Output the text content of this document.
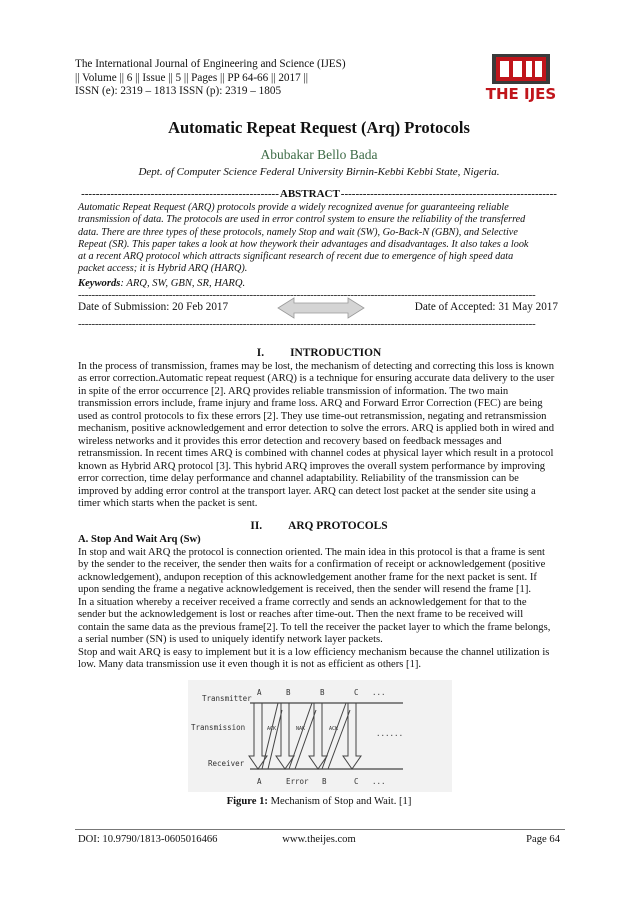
The International Journal of Engineering and Science (IJES)
|| Volume || 6 || Issue || 5 || Pages || PP 64-66 || 2017 ||
ISSN (e): 2319 – 1813 ISSN (p): 2319 – 1805	THE IJES
Automatic Repeat Request (Arq) Protocols
Abubakar Bello Bada
Dept. of Computer Science Federal University Birnin-Kebbi Kebbi State, Nigeria.
------------------------------------------------------ABSTRACT-----------------------------------------------------------
Automatic Repeat Request (ARQ) protocols provide a widely recognized avenue for guaranteeing reliable
transmission of data. The protocols are used in error control system to ensure the reliability of the transferred
data. There are three types of these protocols, namely Stop and wait (SW), Go-Back-N (GBN), and Selective
Repeat (SR). This paper takes a look at how theywork their advantages and disadvantages. It also takes a look
at a recent ARQ protocol which attracts significant research of recent due to emergence of high speed data
packet access; it is Hybrid ARQ (HARQ).
Keywords: ARQ, SW, GBN, SR, HARQ.
----------------------------------------------------------------------------------------------------------------------------------------
Date of Submission: 20 Feb 2017	Date of Accepted: 31 May 2017
----------------------------------------------------------------------------------------------------------------------------------------
I. INTRODUCTION
In the process of transmission, frames may be lost, the mechanism of detecting and correcting this loss is known
as error correction.Automatic repeat request (ARQ) is a technique for ensuring accurate data delivery to the user
in spite of the error occurrence [2]. ARQ provides reliable transmission of information. The two main
transmission errors include, frame injury and frame loss. ARQ and Forward Error Correction (FEC) are being
used as control protocols to fix these errors [2]. They use time-out retransmission, negating and retransmission
mechanism, positive acknowledgement and error detection to solve the errors. ARQ is applied both in wired and
wireless networks and it provides this error detection and recovery based on feedback messages and
retransmission. In recent times ARQ is combined with channel codes at physical layer which result in a protocol
known as Hybrid ARQ protocol [3]. This hybrid ARQ improves the overall system performance by improving
error correction, time delay performance and channel adaptability. Reliability of the transmission can be
improved by adding error control at the transport layer. ARQ can detect lost packet at the sender site using a
timer which starts when the packet is sent.
II. ARQ PROTOCOLS
A. Stop And Wait Arq (Sw)
In stop and wait ARQ the protocol is connection oriented. The main idea in this protocol is that a frame is sent
by the sender to the receiver, the sender then waits for a confirmation of receipt or acknowledgement (positive
acknowledgement), andupon reception of this acknowledgement another frame for the next packet is sent. If
upon sending the frame a negative acknowledgement is received, then the sender will resend the frame [1].
In a situation whereby a receiver received a frame correctly and sends an acknowledgement for that to the
sender but the acknowledgement is lost or reaches after time-out. Then the next frame to be received will
contain the same data as the previous frame[2]. To tell the receiver the packet layer to which the frame belongs,
a serial number (SN) is used to uniquely identify network layer packets.
Stop and wait ARQ is easy to implement but it is a low efficiency mechanism because the channel utilization is
low. Many data transmission use it even though it is not as efficient as others [1].
Transmitter
Transmission
Receiver
A	B	B	C ...
A	Error B	C ...
......
ACK	NAK	ACK
Figure 1: Mechanism of Stop and Wait. [1]
DOI: 10.9790/1813-0605016466	www.theijes.com	Page 64
